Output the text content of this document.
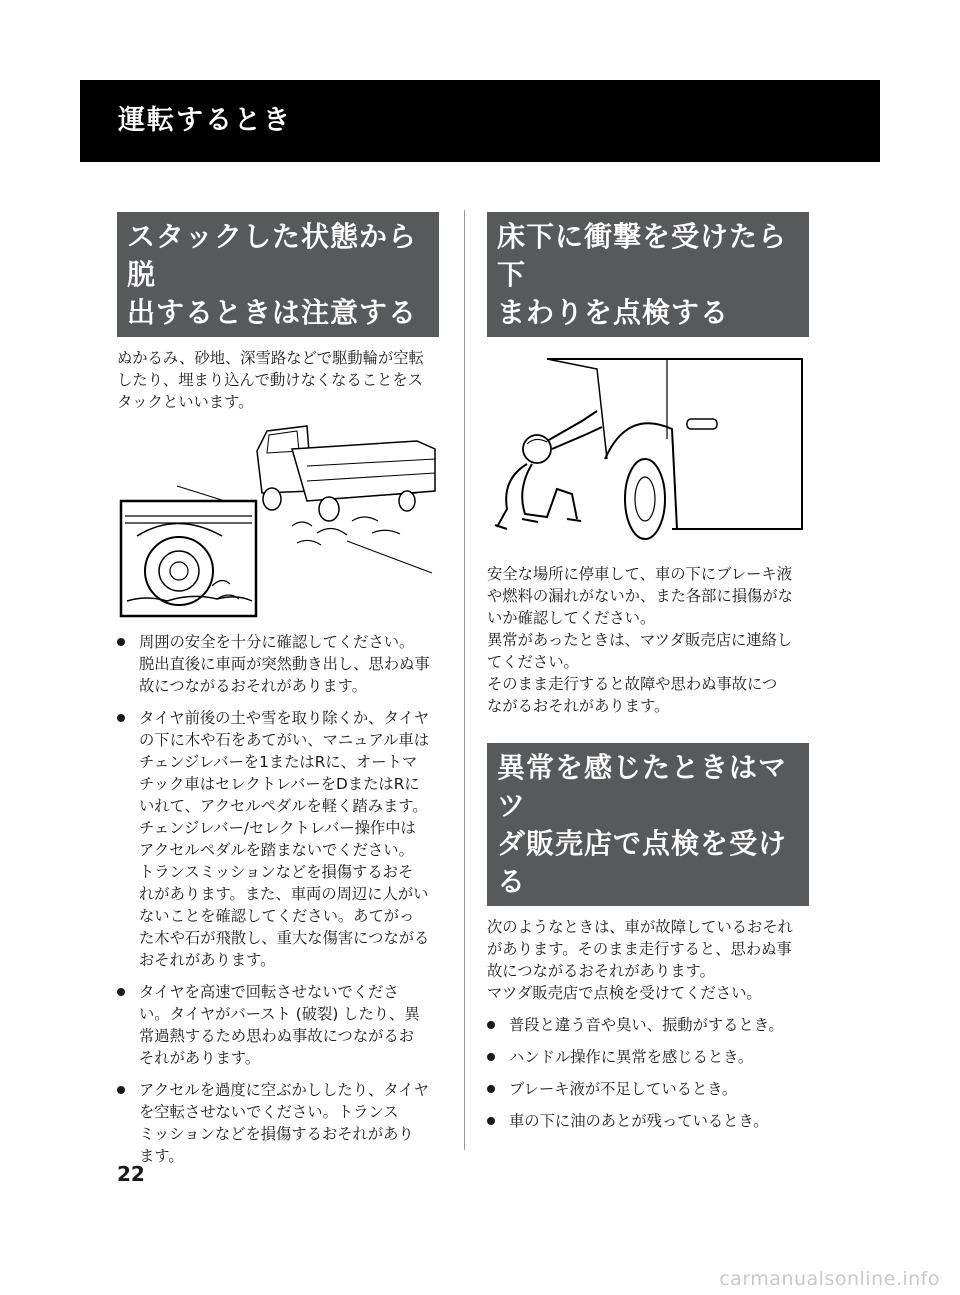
運転するとき
スタックした状態から脱
出するときは注意する
ぬかるみ、砂地、深雪路などで駆動輪が空転
したり、埋まり込んで動けなくなることをス
タックといいます。
周囲の安全を十分に確認してください。
脱出直後に車両が突然動き出し、思わぬ事
故につながるおそれがあります。
タイヤ前後の土や雪を取り除くか、タイヤ
の下に木や石をあてがい、マニュアル車は
チェンジレバーを1またはRに、オートマ
チック車はセレクトレバーをDまたはRに
いれて、アクセルペダルを軽く踏みます。
チェンジレバー/セレクトレバー操作中は
アクセルペダルを踏まないでください。
トランスミッションなどを損傷するおそ
れがあります。また、車両の周辺に人がい
ないことを確認してください。あてがっ
た木や石が飛散し、重大な傷害につながる
おそれがあります。
タイヤを高速で回転させないでくださ
い。タイヤがバースト (破裂) したり、異
常過熱するため思わぬ事故につながるお
それがあります。
アクセルを過度に空ぶかししたり、タイヤ
を空転させないでください。トランス
ミッションなどを損傷するおそれがあり
ます。
床下に衝撃を受けたら下
まわりを点検する
安全な場所に停車して、車の下にブレーキ液
や燃料の漏れがないか、また各部に損傷がな
いか確認してください。
異常があったときは、マツダ販売店に連絡し
てください。
そのまま走行すると故障や思わぬ事故につ
ながるおそれがあります。
異常を感じたときはマツ
ダ販売店で点検を受ける
次のようなときは、車が故障しているおそれ
があります。そのまま走行すると、思わぬ事
故につながるおそれがあります。
マツダ販売店で点検を受けてください。
普段と違う音や臭い、振動がするとき。
ハンドル操作に異常を感じるとき。
ブレーキ液が不足しているとき。
車の下に油のあとが残っているとき。
22
carmanualsonline.info
